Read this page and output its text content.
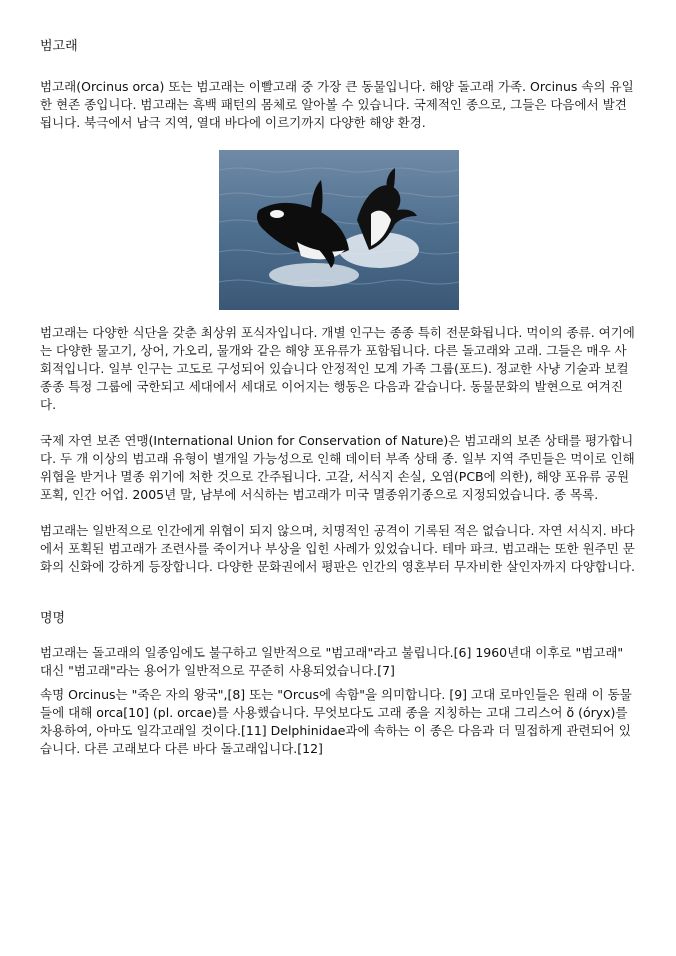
범고래

범고래(Orcinus orca) 또는 범고래는 이빨고래 중 가장 큰 동물입니다. 해양 돌고래 가족. Orcinus 속의 유일한 현존 종입니다. 범고래는 흑백 패턴의 몸체로 알아볼 수 있습니다. 국제적인 종으로, 그들은 다음에서 발견됩니다. 북극에서 남극 지역, 열대 바다에 이르기까지 다양한 해양 환경.

범고래는 다양한 식단을 갖춘 최상위 포식자입니다. 개별 인구는 종종 특히 전문화됩니다. 먹이의 종류. 여기에는 다양한 물고기, 상어, 가오리, 물개와 같은 해양 포유류가 포함됩니다. 다른 돌고래와 고래. 그들은 매우 사회적입니다. 일부 인구는 고도로 구성되어 있습니다 안정적인 모계 가족 그룹(포드). 정교한 사냥 기술과 보컬 종종 특정 그룹에 국한되고 세대에서 세대로 이어지는 행동은 다음과 같습니다. 동물문화의 발현으로 여겨진다.

국제 자연 보존 연맹(International Union for Conservation of Nature)은 범고래의 보존 상태를 평가합니다. 두 개 이상의 범고래 유형이 별개일 가능성으로 인해 데이터 부족 상태 종. 일부 지역 주민들은 먹이로 인해 위협을 받거나 멸종 위기에 처한 것으로 간주됩니다. 고갈, 서식지 손실, 오염(PCB에 의한), 해양 포유류 공원 포획, 인간 어업. 2005년 말, 남부에 서식하는 범고래가 미국 멸종위기종으로 지정되었습니다. 종 목록.

범고래는 일반적으로 인간에게 위협이 되지 않으며, 치명적인 공격이 기록된 적은 없습니다. 자연 서식지. 바다에서 포획된 범고래가 조련사를 죽이거나 부상을 입힌 사례가 있었습니다. 테마 파크. 범고래는 또한 원주민 문화의 신화에 강하게 등장합니다. 다양한 문화권에서 평판은 인간의 영혼부터 무자비한 살인자까지 다양합니다.

명명

범고래는 돌고래의 일종임에도 불구하고 일반적으로 "범고래"라고 불립니다.[6] 1960년대 이후로 "범고래" 대신 "범고래"라는 용어가 일반적으로 꾸준히 사용되었습니다.[7]

속명 Orcinus는 "죽은 자의 왕국",[8] 또는 "Orcus에 속함"을 의미합니다. [9] 고대 로마인들은 원래 이 동물들에 대해 orca[10] (pl. orcae)를 사용했습니다. 무엇보다도 고래 종을 지칭하는 고대 그리스어 ὄ (óryx)를 차용하여, 아마도 일각고래일 것이다.[11] Delphinidae과에 속하는 이 종은 다음과 더 밀접하게 관련되어 있습니다. 다른 고래보다 다른 바다 돌고래입니다.[12]
